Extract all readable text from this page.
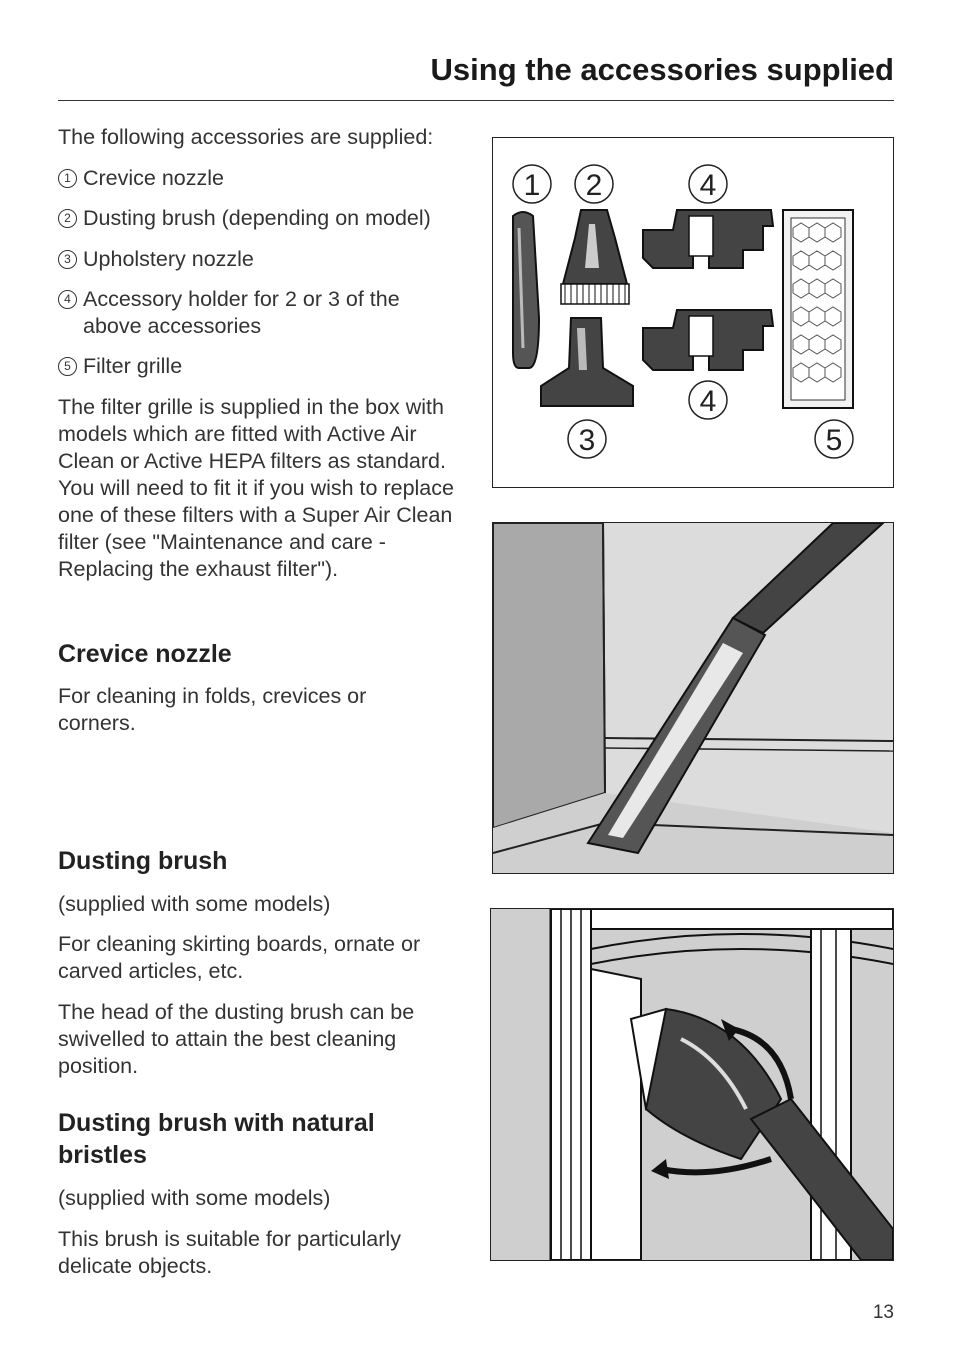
Using the accessories supplied
The following accessories are supplied:
1 Crevice nozzle
2 Dusting brush (depending on model)
3 Upholstery nozzle
4 Accessory holder for 2 or 3 of the above accessories
5 Filter grille
The filter grille is supplied in the box with models which are fitted with Active Air Clean or Active HEPA filters as standard. You will need to fit it if you wish to replace one of these filters with a Super Air Clean filter (see "Maintenance and care - Replacing the exhaust filter").
Crevice nozzle
For cleaning in folds, crevices or corners.
Dusting brush
(supplied with some models)
For cleaning skirting boards, ornate or carved articles, etc.
The head of the dusting brush can be swivelled to attain the best cleaning position.
Dusting brush with natural bristles
(supplied with some models)
This brush is suitable for particularly delicate objects.
1 2	4
4
3	5
13
